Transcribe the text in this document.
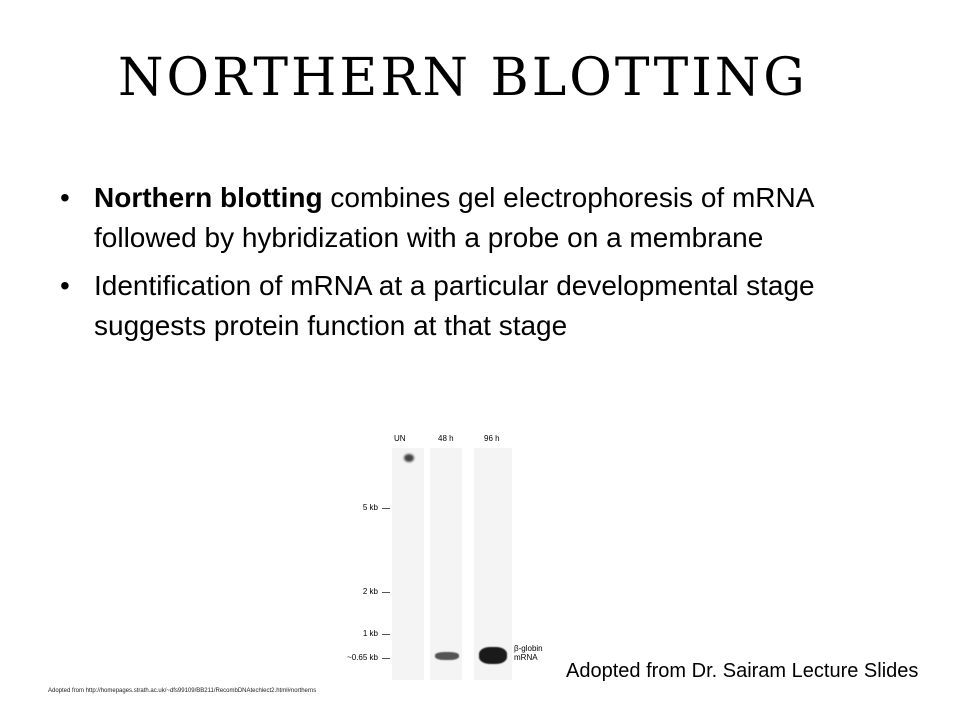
NORTHERN BLOTTING
• Northern blotting combines gel electrophoresis of mRNA followed by hybridization with a probe on a membrane
• Identification of mRNA at a particular developmental stage suggests protein function at that stage
UN	48 h	96 h
5 kb
2 kb
1 kb
~0.65 kb
β-globin
mRNA
Adopted from Dr. Sairam Lecture Slides
Adopted from http://homepages.strath.ac.uk/~dfs99109/BB211/RecombDNAtechlect2.html#northerns
